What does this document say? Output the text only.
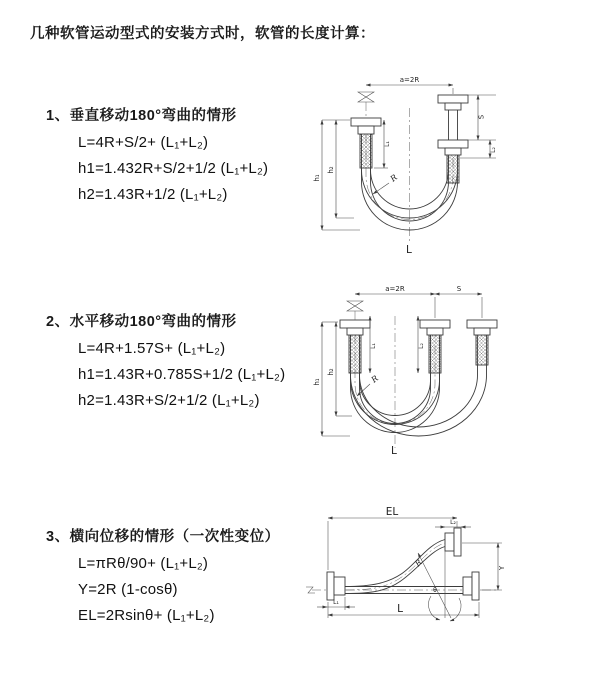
几种软管运动型式的安装方式时，软管的长度计算：
1、垂直移动180°弯曲的情形
L=4R+S/2+ (L₁+L₂)
h1=1.432R+S/2+1/2 (L₁+L₂)
h2=1.43R+1/2 (L₁+L₂)
2、水平移动180°弯曲的情形
L=4R+1.57S+ (L₁+L₂)
h1=1.43R+0.785S+1/2 (L₁+L₂)
h2=1.43R+S/2+1/2 (L₁+L₂)
3、横向位移的情形（一次性变位）
L=πRθ/90+ (L₁+L₂)
Y=2R (1-cosθ)
EL=2Rsinθ+ (L₁+L₂)
a=2R
h₁
h₂
L₁
S
L₂
R
L
a=2R	S
h₁
h₂
L₁	L₂
R
L
EL
L₂
Y
L
L₁
θ
R
